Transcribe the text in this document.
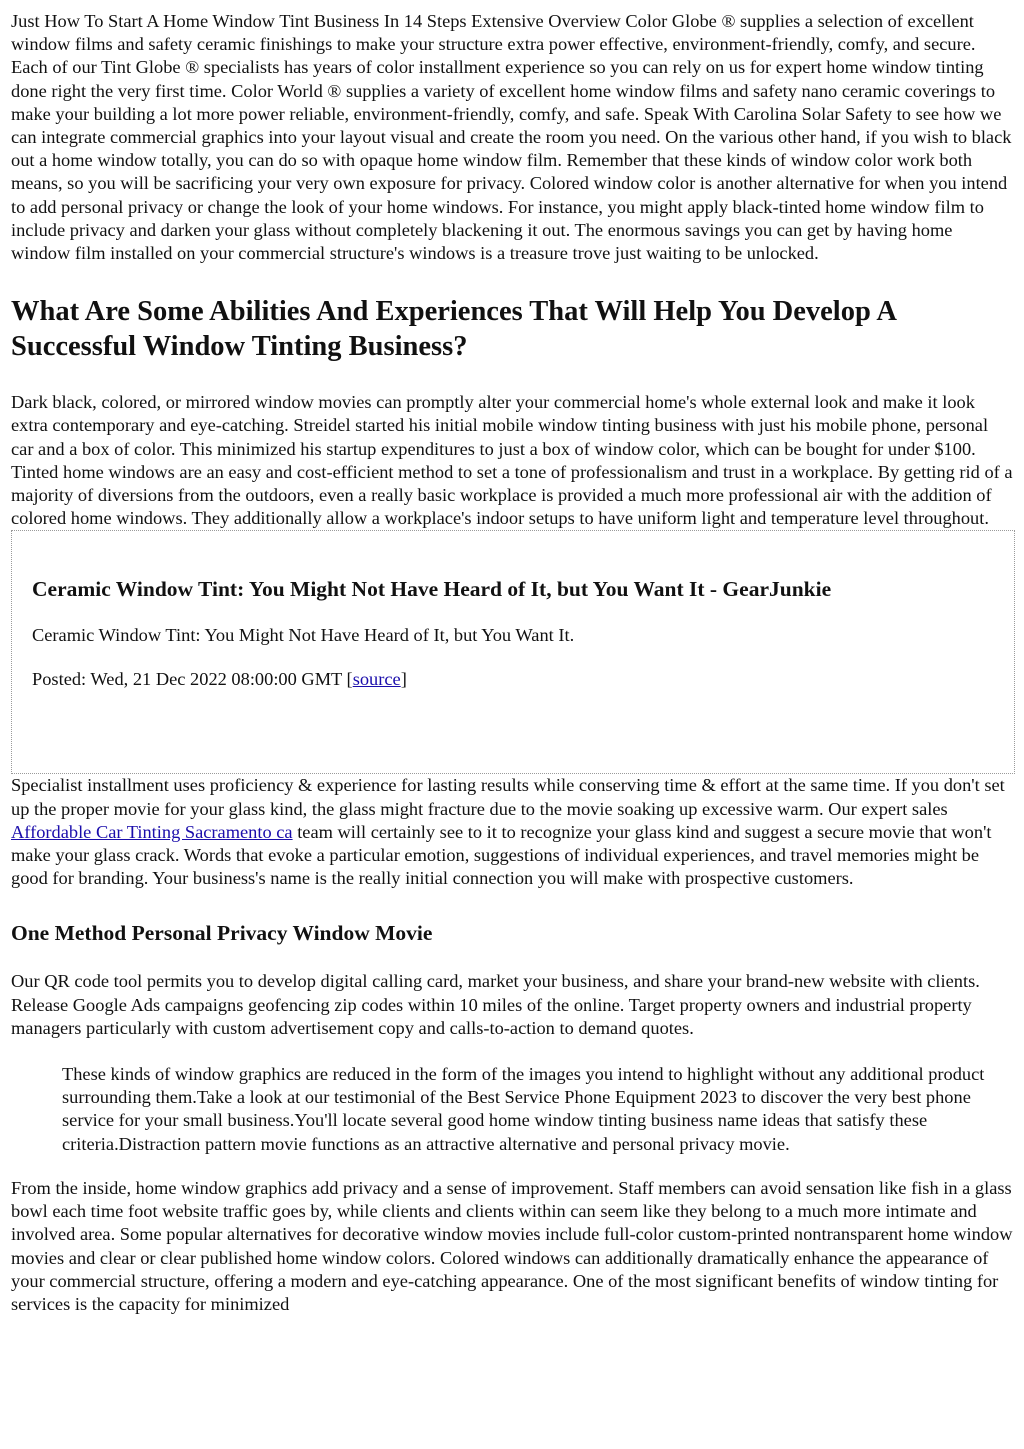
Just How To Start A Home Window Tint Business In 14 Steps Extensive Overview Color Globe ® supplies a selection of excellent window films and safety ceramic finishings to make your structure extra power effective, environment-friendly, comfy, and secure. Each of our Tint Globe ® specialists has years of color installment experience so you can rely on us for expert home window tinting done right the very first time. Color World ® supplies a variety of excellent home window films and safety nano ceramic coverings to make your building a lot more power reliable, environment-friendly, comfy, and safe. Speak With Carolina Solar Safety to see how we can integrate commercial graphics into your layout visual and create the room you need. On the various other hand, if you wish to black out a home window totally, you can do so with opaque home window film. Remember that these kinds of window color work both means, so you will be sacrificing your very own exposure for privacy. Colored window color is another alternative for when you intend to add personal privacy or change the look of your home windows. For instance, you might apply black-tinted home window film to include privacy and darken your glass without completely blackening it out. The enormous savings you can get by having home window film installed on your commercial structure's windows is a treasure trove just waiting to be unlocked.

What Are Some Abilities And Experiences That Will Help You Develop A Successful Window Tinting Business?

Dark black, colored, or mirrored window movies can promptly alter your commercial home's whole external look and make it look extra contemporary and eye-catching. Streidel started his initial mobile window tinting business with just his mobile phone, personal car and a box of color. This minimized his startup expenditures to just a box of window color, which can be bought for under $100. Tinted home windows are an easy and cost-efficient method to set a tone of professionalism and trust in a workplace. By getting rid of a majority of diversions from the outdoors, even a really basic workplace is provided a much more professional air with the addition of colored home windows. They additionally allow a workplace's indoor setups to have uniform light and temperature level throughout.

Ceramic Window Tint: You Might Not Have Heard of It, but You Want It - GearJunkie

Ceramic Window Tint: You Might Not Have Heard of It, but You Want It.

Posted: Wed, 21 Dec 2022 08:00:00 GMT [source]

Specialist installment uses proficiency & experience for lasting results while conserving time & effort at the same time. If you don't set up the proper movie for your glass kind, the glass might fracture due to the movie soaking up excessive warm. Our expert sales Affordable Car Tinting Sacramento ca team will certainly see to it to recognize your glass kind and suggest a secure movie that won't make your glass crack. Words that evoke a particular emotion, suggestions of individual experiences, and travel memories might be good for branding. Your business's name is the really initial connection you will make with prospective customers.

One Method Personal Privacy Window Movie

Our QR code tool permits you to develop digital calling card, market your business, and share your brand-new website with clients. Release Google Ads campaigns geofencing zip codes within 10 miles of the online. Target property owners and industrial property managers particularly with custom advertisement copy and calls-to-action to demand quotes.

These kinds of window graphics are reduced in the form of the images you intend to highlight without any additional product surrounding them.Take a look at our testimonial of the Best Service Phone Equipment 2023 to discover the very best phone service for your small business.You'll locate several good home window tinting business name ideas that satisfy these criteria.Distraction pattern movie functions as an attractive alternative and personal privacy movie.

From the inside, home window graphics add privacy and a sense of improvement. Staff members can avoid sensation like fish in a glass bowl each time foot website traffic goes by, while clients and clients within can seem like they belong to a much more intimate and involved area. Some popular alternatives for decorative window movies include full-color custom-printed nontransparent home window movies and clear or clear published home window colors. Colored windows can additionally dramatically enhance the appearance of your commercial structure, offering a modern and eye-catching appearance. One of the most significant benefits of window tinting for services is the capacity for minimized
